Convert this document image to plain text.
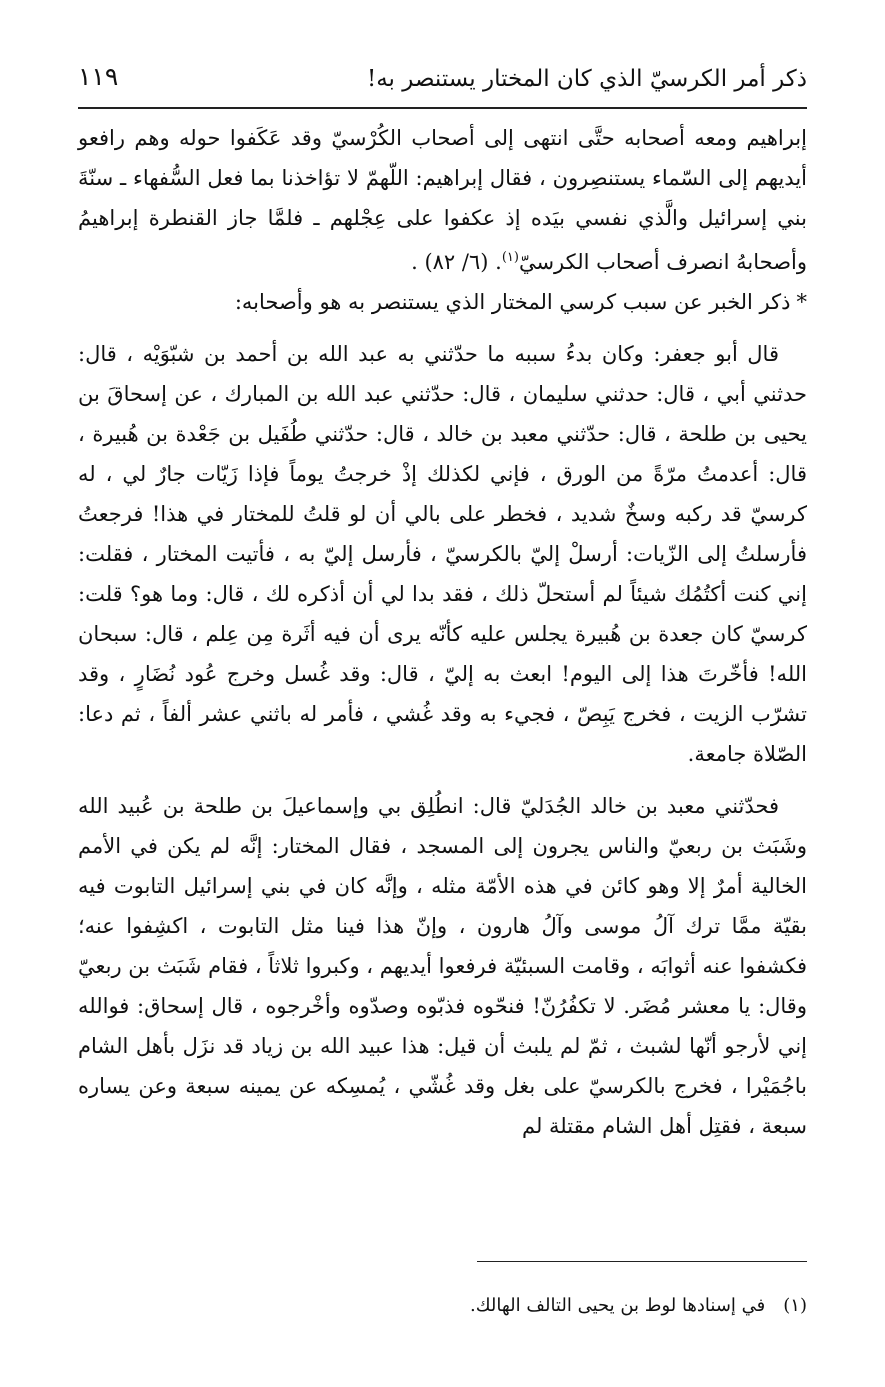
ذكر أمر الكرسيّ الذي كان المختار يستنصر به!
١١٩

إبراهيم ومعه أصحابه حتَّى انتهى إلى أصحاب الكُرْسيّ وقد عَكَفوا حوله وهم رافعو أيديهم إلى السّماء يستنصِرون ، فقال إبراهيم: اللّهمّ لا تؤاخذنا بما فعل السُّفهاء ـ سنّةَ بني إسرائيل والَّذي نفسي بيَده إذ عكفوا على عِجْلهم ـ فلمَّا جاز القنطرة إبراهيمُ وأصحابهُ انصرف أصحاب الكرسيّ$^{(١)}$. (٦/ ٨٢) .

*ذكر الخبر عن سبب كرسي المختار الذي يستنصر به هو وأصحابه:

قال أبو جعفر: وكان بدءُ سببه ما حدّثني به عبد الله بن أحمد بن شبّوَيْه ، قال: حدثني أبي ، قال: حدثني سليمان ، قال: حدّثني عبد الله بن المبارك ، عن إسحاقَ بن يحيى بن طلحة ، قال: حدّثني معبد بن خالد ، قال: حدّثني طُفَيل بن جَعْدة بن هُبيرة ، قال: أعدمتُ مرّةً من الورق ، فإني لكذلك إذْ خرجتُ يوماً فإذا زَيّات جارٌ لي ، له كرسيّ قد ركبه وسخٌ شديد ، فخطر على بالي أن لو قلتُ للمختار في هذا! فرجعتُ فأرسلتُ إلى الزّيات: أرسلْ إليّ بالكرسيّ ، فأرسل إليّ به ، فأتيت المختار ، فقلت: إني كنت أكتُمُك شيئاً لم أستحلّ ذلك ، فقد بدا لي أن أذكره لك ، قال: وما هو؟ قلت: كرسيّ كان جعدة بن هُبيرة يجلس عليه كأنّه يرى أن فيه أثَرة مِن عِلم ، قال: سبحان الله! فأخّرتَ هذا إلى اليوم! ابعث به إليّ ، قال: وقد غُسل وخرج عُود نُضَارٍ ، وقد تشرّب الزيت ، فخرج يَبِصّ ، فجيء به وقد غُشي ، فأمر له باثني عشر ألفاً ، ثم دعا: الصّلاة جامعة.

فحدّثني معبد بن خالد الجُدَليّ قال: انطُلِق بي وإسماعيلَ بن طلحة بن عُبيد الله وشَبَث بن ربعيّ والناس يجرون إلى المسجد ، فقال المختار: إنَّه لم يكن في الأمم الخالية أمرٌ إلا وهو كائن في هذه الأمّة مثله ، وإنَّه كان في بني إسرائيل التابوت فيه بقيّة ممَّا ترك آلُ موسى وآلُ هارون ، وإنّ هذا فينا مثل التابوت ، اكشِفوا عنه؛ فكشفوا عنه أثوابَه ، وقامت السبئيّة فرفعوا أيديهم ، وكبروا ثلاثاً ، فقام شَبَث بن ربعيّ وقال: يا معشر مُضَر. لا تكفُرُنّ! فنحّوه فذبّوه وصدّوه وأخْرجوه ، قال إسحاق: فوالله إني لأرجو أنّها لشبث ، ثمّ لم يلبث أن قيل: هذا عبيد الله بن زياد قد نزَل بأهل الشام باجُمَيْرا ، فخرج بالكرسيّ على بغل وقد غُشّي ، يُمسِكه عن يمينه سبعة وعن يساره سبعة ، فقتِل أهل الشام مقتلة لم

(١)في إسنادها لوط بن يحيى التالف الهالك.
